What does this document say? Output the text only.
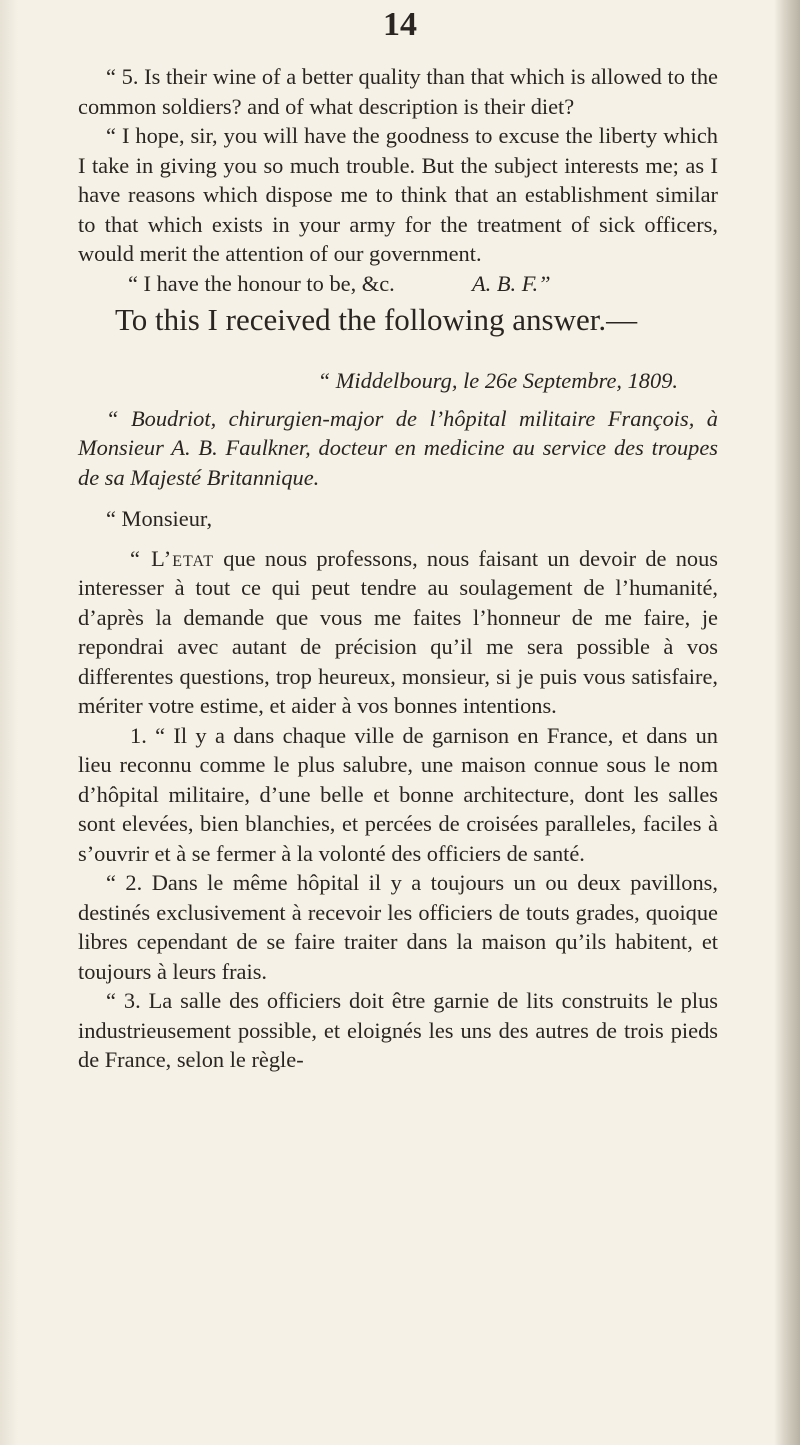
14

“ 5. Is their wine of a better quality than that which is allowed to the common soldiers? and of what description is their diet?

“ I hope, sir, you will have the goodness to excuse the liberty which I take in giving you so much trouble. But the subject interests me; as I have reasons which dispose me to think that an establishment similar to that which exists in your army for the treatment of sick officers, would merit the attention of our government.

“ I have the honour to be, &c.	A. B. F.”

To this I received the following answer.—

“ Middelbourg, le 26e Septembre, 1809.

“ Boudriot, chirurgien-major de l’hôpital militaire François, à Monsieur A. B. Faulkner, docteur en medicine au service des troupes de sa Majesté Britannique.

“ Monsieur,

“ L’etat que nous professons, nous faisant un devoir de nous interesser à tout ce qui peut tendre au soulagement de l’humanité, d’après la demande que vous me faites l’honneur de me faire, je repondrai avec autant de précision qu’il me sera possible à vos differentes questions, trop heureux, monsieur, si je puis vous satisfaire, mériter votre estime, et aider à vos bonnes intentions.

1. “ Il y a dans chaque ville de garnison en France, et dans un lieu reconnu comme le plus salubre, une maison connue sous le nom d’hôpital militaire, d’une belle et bonne architecture, dont les salles sont elevées, bien blanchies, et percées de croisées paralleles, faciles à s’ouvrir et à se fermer à la volonté des officiers de santé.

“ 2. Dans le même hôpital il y a toujours un ou deux pavillons, destinés exclusivement à recevoir les officiers de touts grades, quoique libres cependant de se faire traiter dans la maison qu’ils habitent, et toujours à leurs frais.

“ 3. La salle des officiers doit être garnie de lits construits le plus industrieusement possible, et eloignés les uns des autres de trois pieds de France, selon le règle-
